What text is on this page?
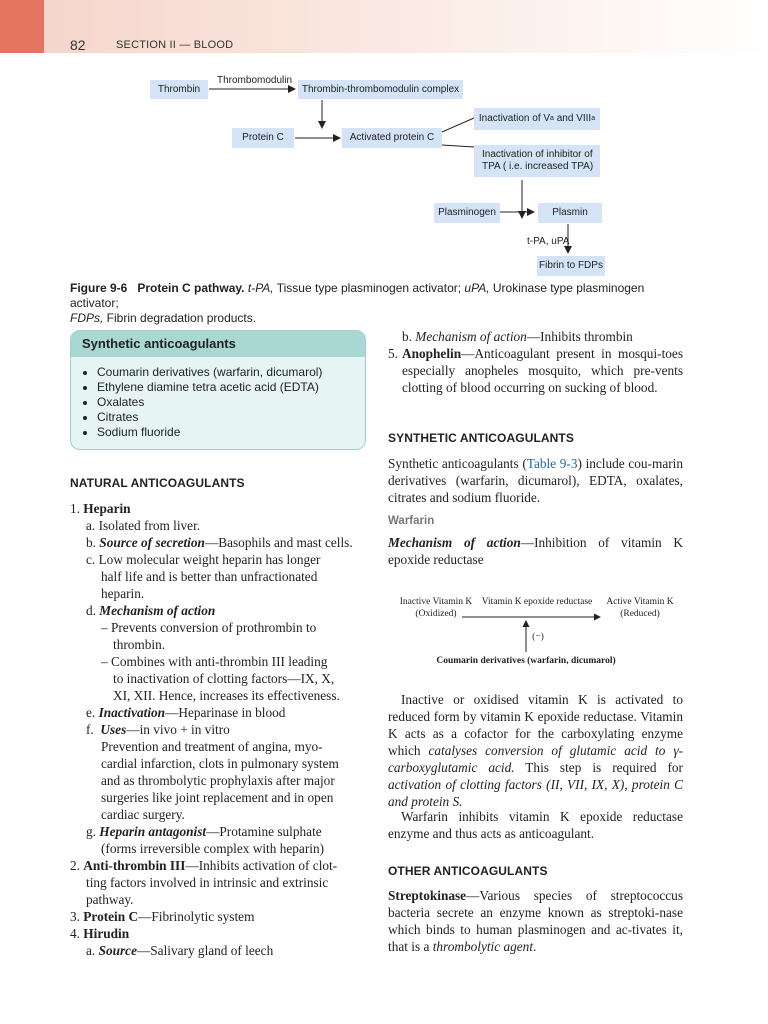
82	SECTION II — BLOOD
Thrombomodulin
Thrombin	Thrombin-thrombomodulin complex
Protein C	Activated protein C
Inactivation of V a and VIII a
Inactivation of inhibitor of
TPA ( i.e. increased TPA)
Plasminogen	Plasmin
t-PA, uPA
Fibrin to FDPs
Figure 9-6 Protein C pathway. t-PA, Tissue type plasminogen activator; uPA, Urokinase type plasminogen activator;
FDPs, Fibrin degradation products.
Synthetic anticoagulants
• Coumarin derivatives (warfarin, dicumarol)
• Ethylene diamine tetra acetic acid (EDTA)
• Oxalates
• Citrates
• Sodium fluoride
NATURAL ANTICOAGULANTS
1. Heparin
a. Isolated from liver.
b. Source of secretion—Basophils and mast cells.
c. Low molecular weight heparin has longer
half life and is better than unfractionated
heparin.
d. Mechanism of action
– Prevents conversion of prothrombin to
thrombin.
– Combines with anti-thrombin III leading
to inactivation of clotting factors—IX, X,
XI, XII. Hence, increases its effectiveness.
e. Inactivation—Heparinase in blood
f.  Uses—in vivo + in vitro
Prevention and treatment of angina, myo-
cardial infarction, clots in pulmonary system
and as thrombolytic prophylaxis after major
surgeries like joint replacement and in open
cardiac surgery.
g. Heparin antagonist—Protamine sulphate
(forms irreversible complex with heparin)
2. Anti-thrombin III—Inhibits activation of clot-
ting factors involved in intrinsic and extrinsic
pathway.
3. Protein C—Fibrinolytic system
4. Hirudin
a. Source—Salivary gland of leech
b. Mechanism of action—Inhibits thrombin
5. Anophelin—Anticoagulant present in mosqui-toes especially anopheles mosquito, which pre-vents clotting of blood occurring on sucking of blood.
SYNTHETIC ANTICOAGULANTS
Synthetic anticoagulants (Table 9-3) include cou-marin derivatives (warfarin, dicumarol), EDTA, oxalates, citrates and sodium fluoride.
Warfarin
Mechanism of action—Inhibition of vitamin K epoxide reductase
Inactive Vitamin K
(Oxidized)
Vitamin K epoxide reductase	Active Vitamin K
(Reduced)
(−)
Coumarin derivatives (warfarin, dicumarol)
Inactive or oxidised vitamin K is activated to reduced form by vitamin K epoxide reductase. Vitamin K acts as a cofactor for the carboxylating enzyme which catalyses conversion of glutamic acid to γ-carboxyglutamic acid. This step is required for activation of clotting factors (II, VII, IX, X), protein C and protein S.
Warfarin inhibits vitamin K epoxide reductase enzyme and thus acts as anticoagulant.
OTHER ANTICOAGULANTS
Streptokinase—Various species of streptococcus bacteria secrete an enzyme known as streptoki-nase which binds to human plasminogen and ac-tivates it, that is a thrombolytic agent.
